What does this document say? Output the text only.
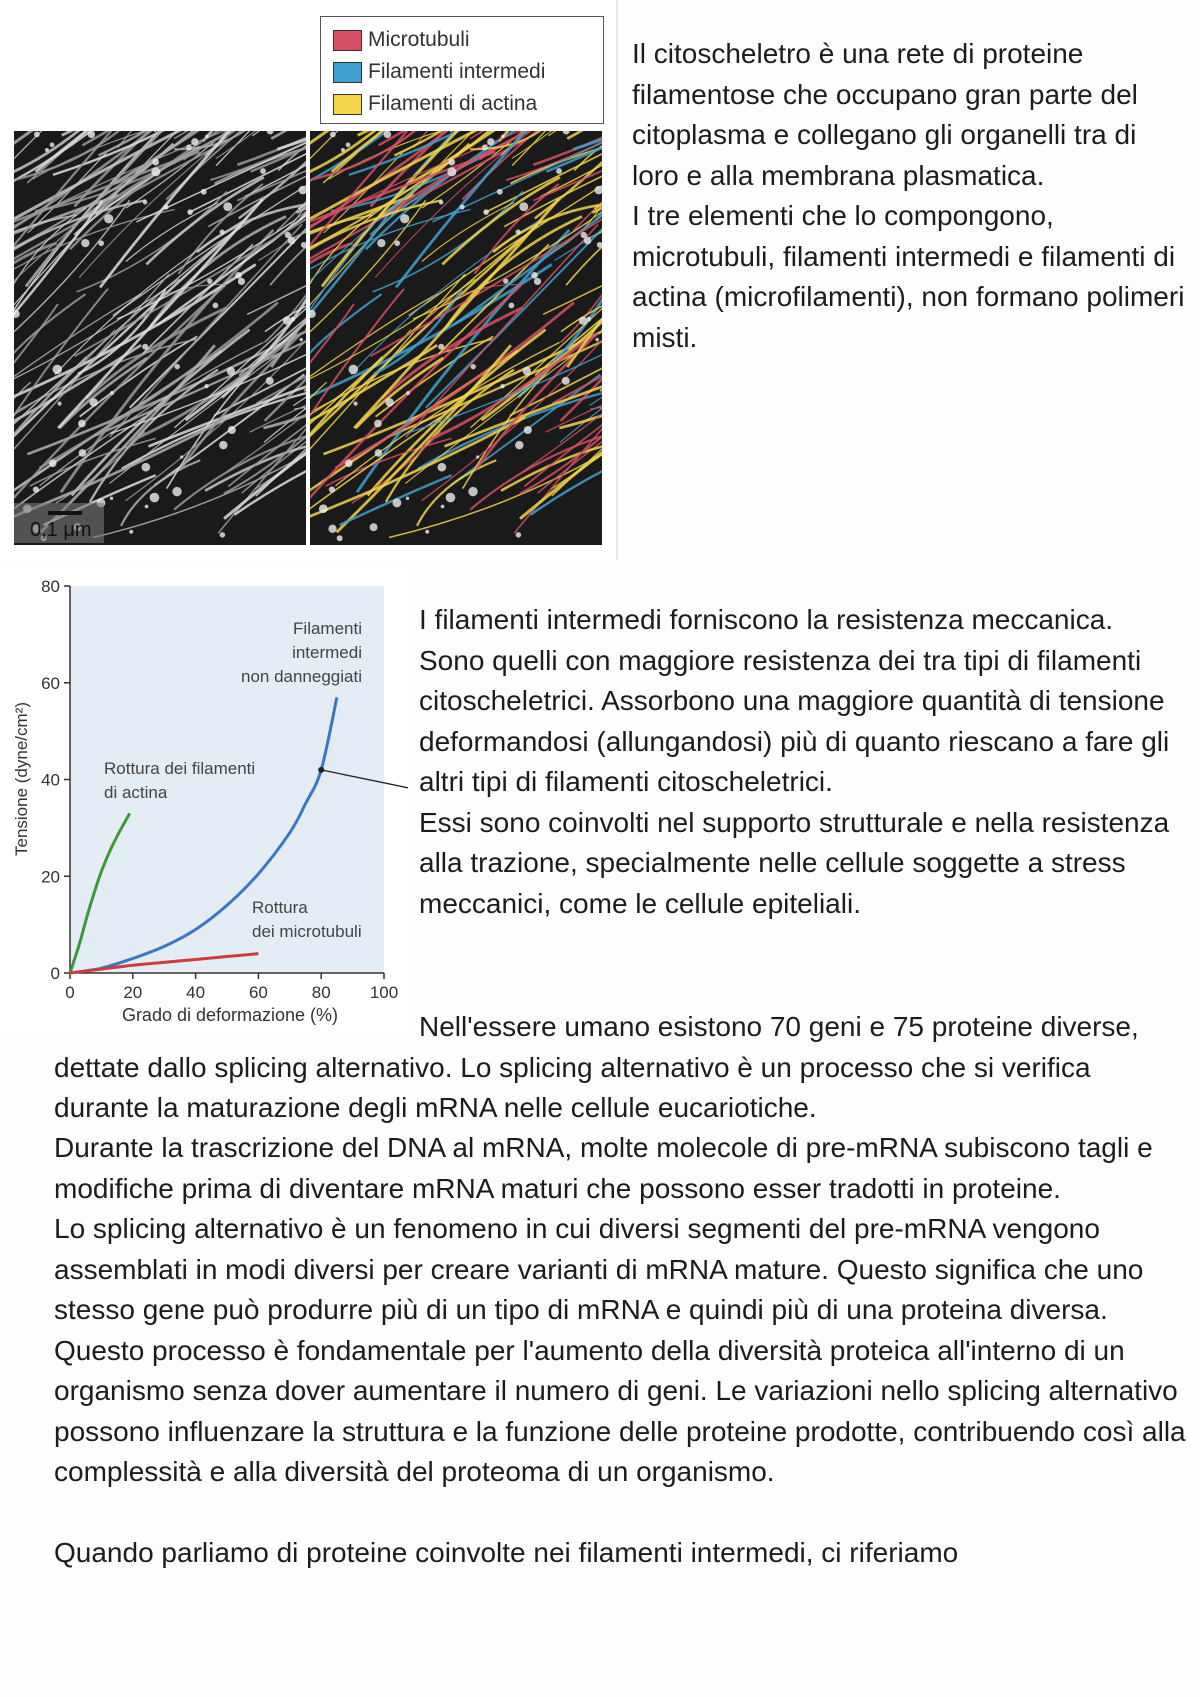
Microtubuli
Filamenti intermedi
Filamenti di actina
0,1 μm
Il citoscheletro è una rete di proteine filamentose che occupano gran parte del citoplasma e collegano gli organelli tra di loro e alla membrana plasmatica.
I tre elementi che lo compongono, microtubuli, filamenti intermedi e filamenti di actina (microfilamenti), non formano polimeri misti.
Tensione (dyne/cm²)
Grado di deformazione (%)
0
20
40
60
80
0	20	40	60	80 100
Filamenti
intermedi
non danneggiati
Rottura dei filamenti
di actina
Rottura
dei microtubuli
I filamenti intermedi forniscono la resistenza meccanica.
Sono quelli con maggiore resistenza dei tra tipi di filamenti citoscheletrici. Assorbono una maggiore quantità di tensione deformandosi (allungandosi) più di quanto riescano a fare gli altri tipi di filamenti citoscheletrici.
Essi sono coinvolti nel supporto strutturale e nella resistenza alla trazione, specialmente nelle cellule soggette a stress meccanici, come le cellule epiteliali.
Nell'essere umano esistono 70 geni e 75 proteine diverse, dettate dallo splicing alternativo. Lo splicing alternativo è un processo che si verifica durante la maturazione degli mRNA nelle cellule eucariotiche.
Durante la trascrizione del DNA al mRNA, molte molecole di pre-mRNA subiscono tagli e modifiche prima di diventare mRNA maturi che possono esser tradotti in proteine.
Lo splicing alternativo è un fenomeno in cui diversi segmenti del pre-mRNA vengono assemblati in modi diversi per creare varianti di mRNA mature. Questo significa che uno stesso gene può produrre più di un tipo di mRNA e quindi più di una proteina diversa. Questo processo è fondamentale per l'aumento della diversità proteica all'interno di un organismo senza dover aumentare il numero di geni. Le variazioni nello splicing alternativo possono influenzare la struttura e la funzione delle proteine prodotte, contribuendo così alla complessità e alla diversità del proteoma di un organismo.
Quando parliamo di proteine coinvolte nei filamenti intermedi, ci riferiamo
